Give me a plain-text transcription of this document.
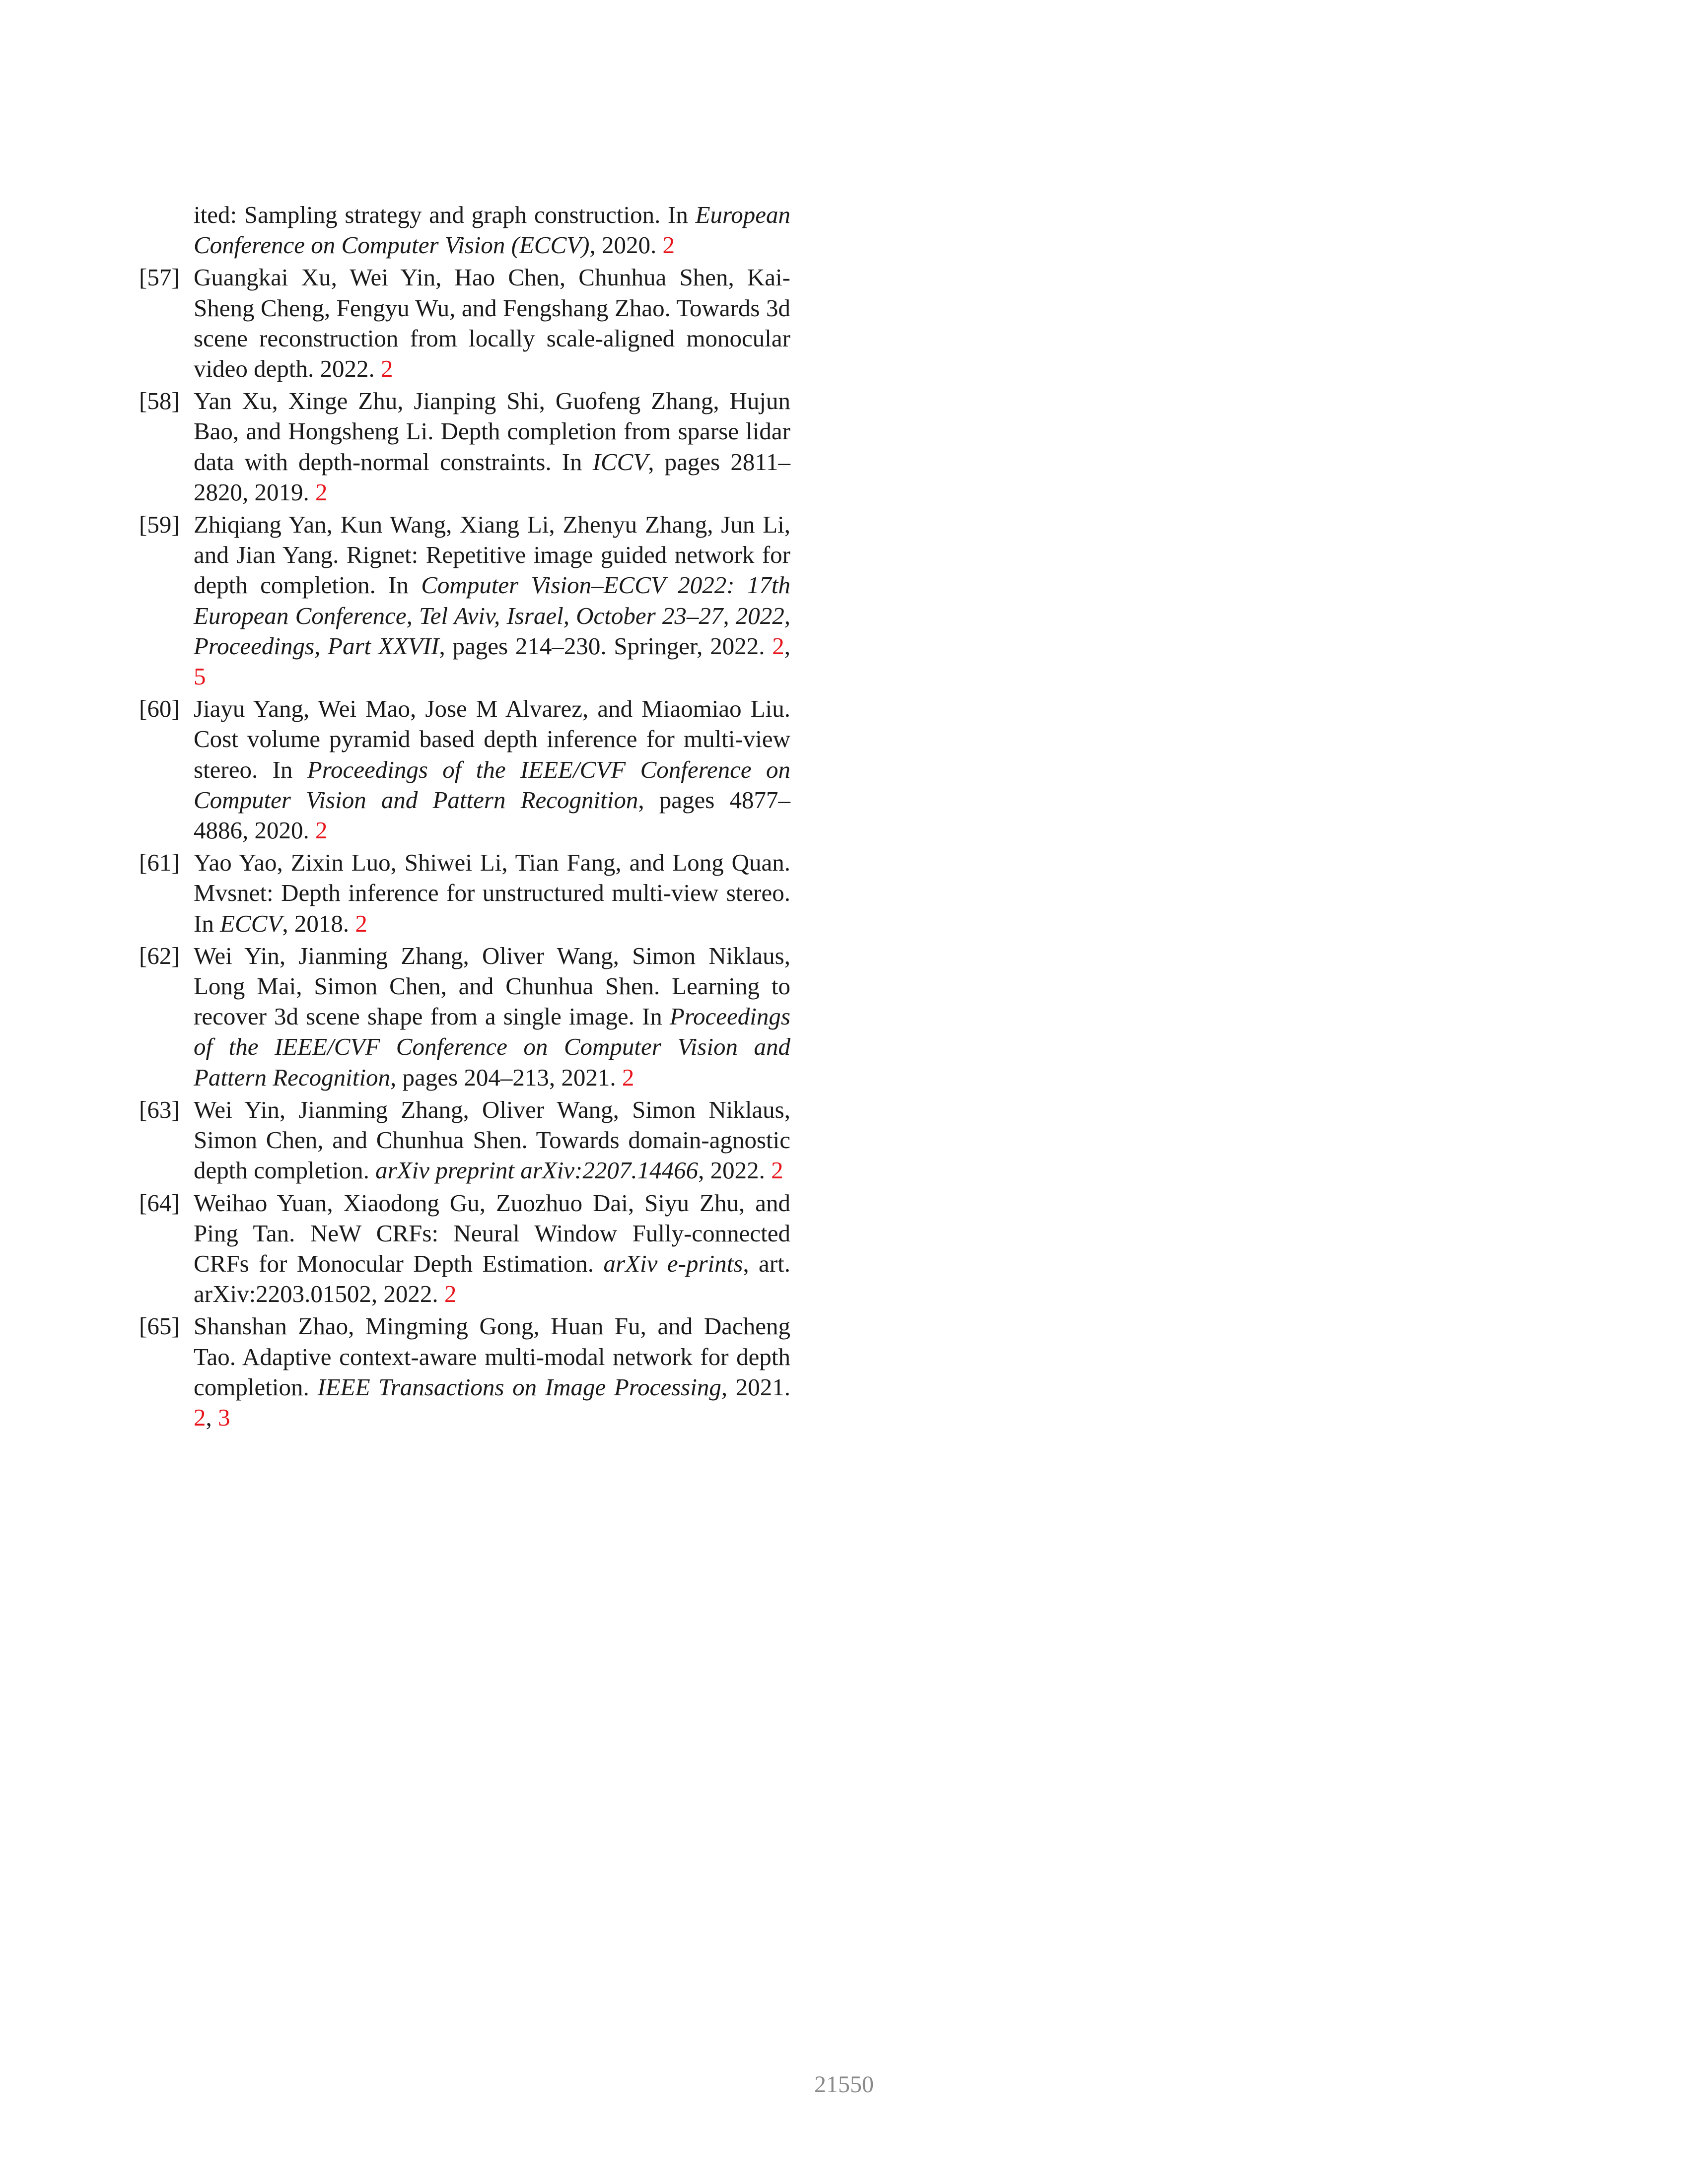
ited: Sampling strategy and graph construction. In European Conference on Computer Vision (ECCV), 2020. 2
[57] Guangkai Xu, Wei Yin, Hao Chen, Chunhua Shen, Kai-Sheng Cheng, Fengyu Wu, and Fengshang Zhao. Towards 3d scene reconstruction from locally scale-aligned monocular video depth. 2022. 2
[58] Yan Xu, Xinge Zhu, Jianping Shi, Guofeng Zhang, Hujun Bao, and Hongsheng Li. Depth completion from sparse lidar data with depth-normal constraints. In ICCV, pages 2811–2820, 2019. 2
[59] Zhiqiang Yan, Kun Wang, Xiang Li, Zhenyu Zhang, Jun Li, and Jian Yang. Rignet: Repetitive image guided network for depth completion. In Computer Vision–ECCV 2022: 17th European Conference, Tel Aviv, Israel, October 23–27, 2022, Proceedings, Part XXVII, pages 214–230. Springer, 2022. 2, 5
[60] Jiayu Yang, Wei Mao, Jose M Alvarez, and Miaomiao Liu. Cost volume pyramid based depth inference for multi-view stereo. In Proceedings of the IEEE/CVF Conference on Computer Vision and Pattern Recognition, pages 4877–4886, 2020. 2
[61] Yao Yao, Zixin Luo, Shiwei Li, Tian Fang, and Long Quan. Mvsnet: Depth inference for unstructured multi-view stereo. In ECCV, 2018. 2
[62] Wei Yin, Jianming Zhang, Oliver Wang, Simon Niklaus, Long Mai, Simon Chen, and Chunhua Shen. Learning to recover 3d scene shape from a single image. In Proceedings of the IEEE/CVF Conference on Computer Vision and Pattern Recognition, pages 204–213, 2021. 2
[63] Wei Yin, Jianming Zhang, Oliver Wang, Simon Niklaus, Simon Chen, and Chunhua Shen. Towards domain-agnostic depth completion. arXiv preprint arXiv:2207.14466, 2022. 2
[64] Weihao Yuan, Xiaodong Gu, Zuozhuo Dai, Siyu Zhu, and Ping Tan. NeW CRFs: Neural Window Fully-connected CRFs for Monocular Depth Estimation. arXiv e-prints, art. arXiv:2203.01502, 2022. 2
[65] Shanshan Zhao, Mingming Gong, Huan Fu, and Dacheng Tao. Adaptive context-aware multi-modal network for depth completion. IEEE Transactions on Image Processing, 2021. 2, 3
21550
